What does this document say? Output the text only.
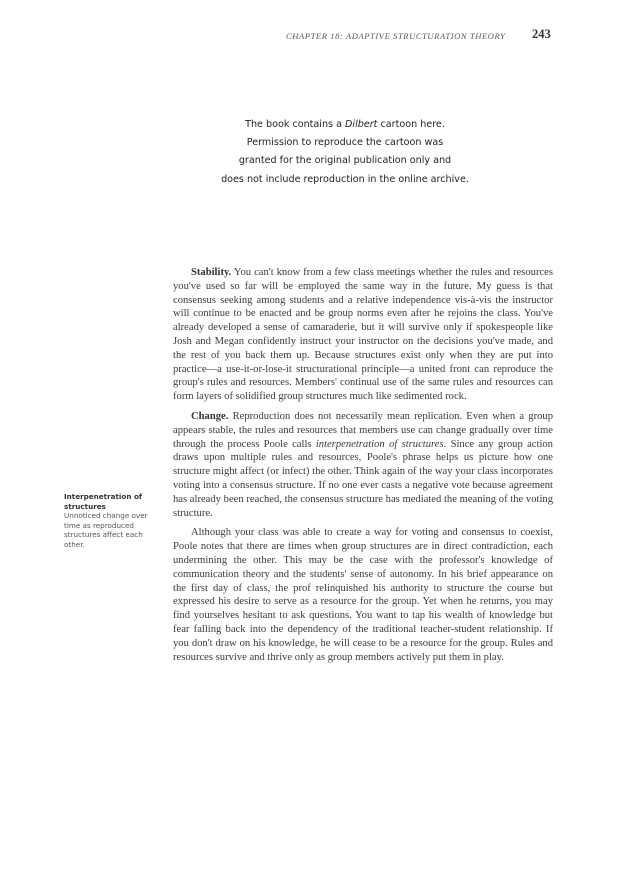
CHAPTER 18: ADAPTIVE STRUCTURATION THEORY 243
The book contains a Dilbert cartoon here.
Permission to reproduce the cartoon was
granted for the original publication only and
does not include reproduction in the online archive.

Stability. You can't know from a few class meetings whether the rules and resources you've used so far will be employed the same way in the future. My guess is that consensus seeking among students and a relative independence vis-à-vis the instructor will continue to be enacted and be group norms even after he rejoins the class. You've already developed a sense of camaraderie, but it will survive only if spokespeople like Josh and Megan confidently instruct your instructor on the decisions you've made, and the rest of you back them up. Because structures exist only when they are put into practice—a use-it-or-lose-it structurational principle—a united front can reproduce the group's rules and resources. Members' continual use of the same rules and resources can form layers of solidified group structures much like sedimented rock.

Change. Reproduction does not necessarily mean replication. Even when a group appears stable, the rules and resources that members use can change gradually over time through the process Poole calls interpenetration of structures. Since any group action draws upon multiple rules and resources, Poole's phrase helps us picture how one structure might affect (or infect) the other. Think again of the way your class incorporates voting into a consensus structure. If no one ever casts a negative vote because agreement has already been reached, the consensus structure has mediated the meaning of the voting structure.

Although your class was able to create a way for voting and consensus to coexist, Poole notes that there are times when group structures are in direct contradiction, each undermining the other. This may be the case with the professor's knowledge of communication theory and the students' sense of autonomy. In his brief appearance on the first day of class, the prof relinquished his authority to structure the course but expressed his desire to serve as a resource for the group. Yet when he returns, you may find yourselves hesitant to ask questions. You want to tap his wealth of knowledge but fear falling back into the dependency of the traditional teacher-student relationship. If you don't draw on his knowledge, he will cease to be a resource for the group. Rules and resources survive and thrive only as group members actively put them in play.

Interpenetration of structures
Unnoticed change over time as reproduced structures affect each other.
